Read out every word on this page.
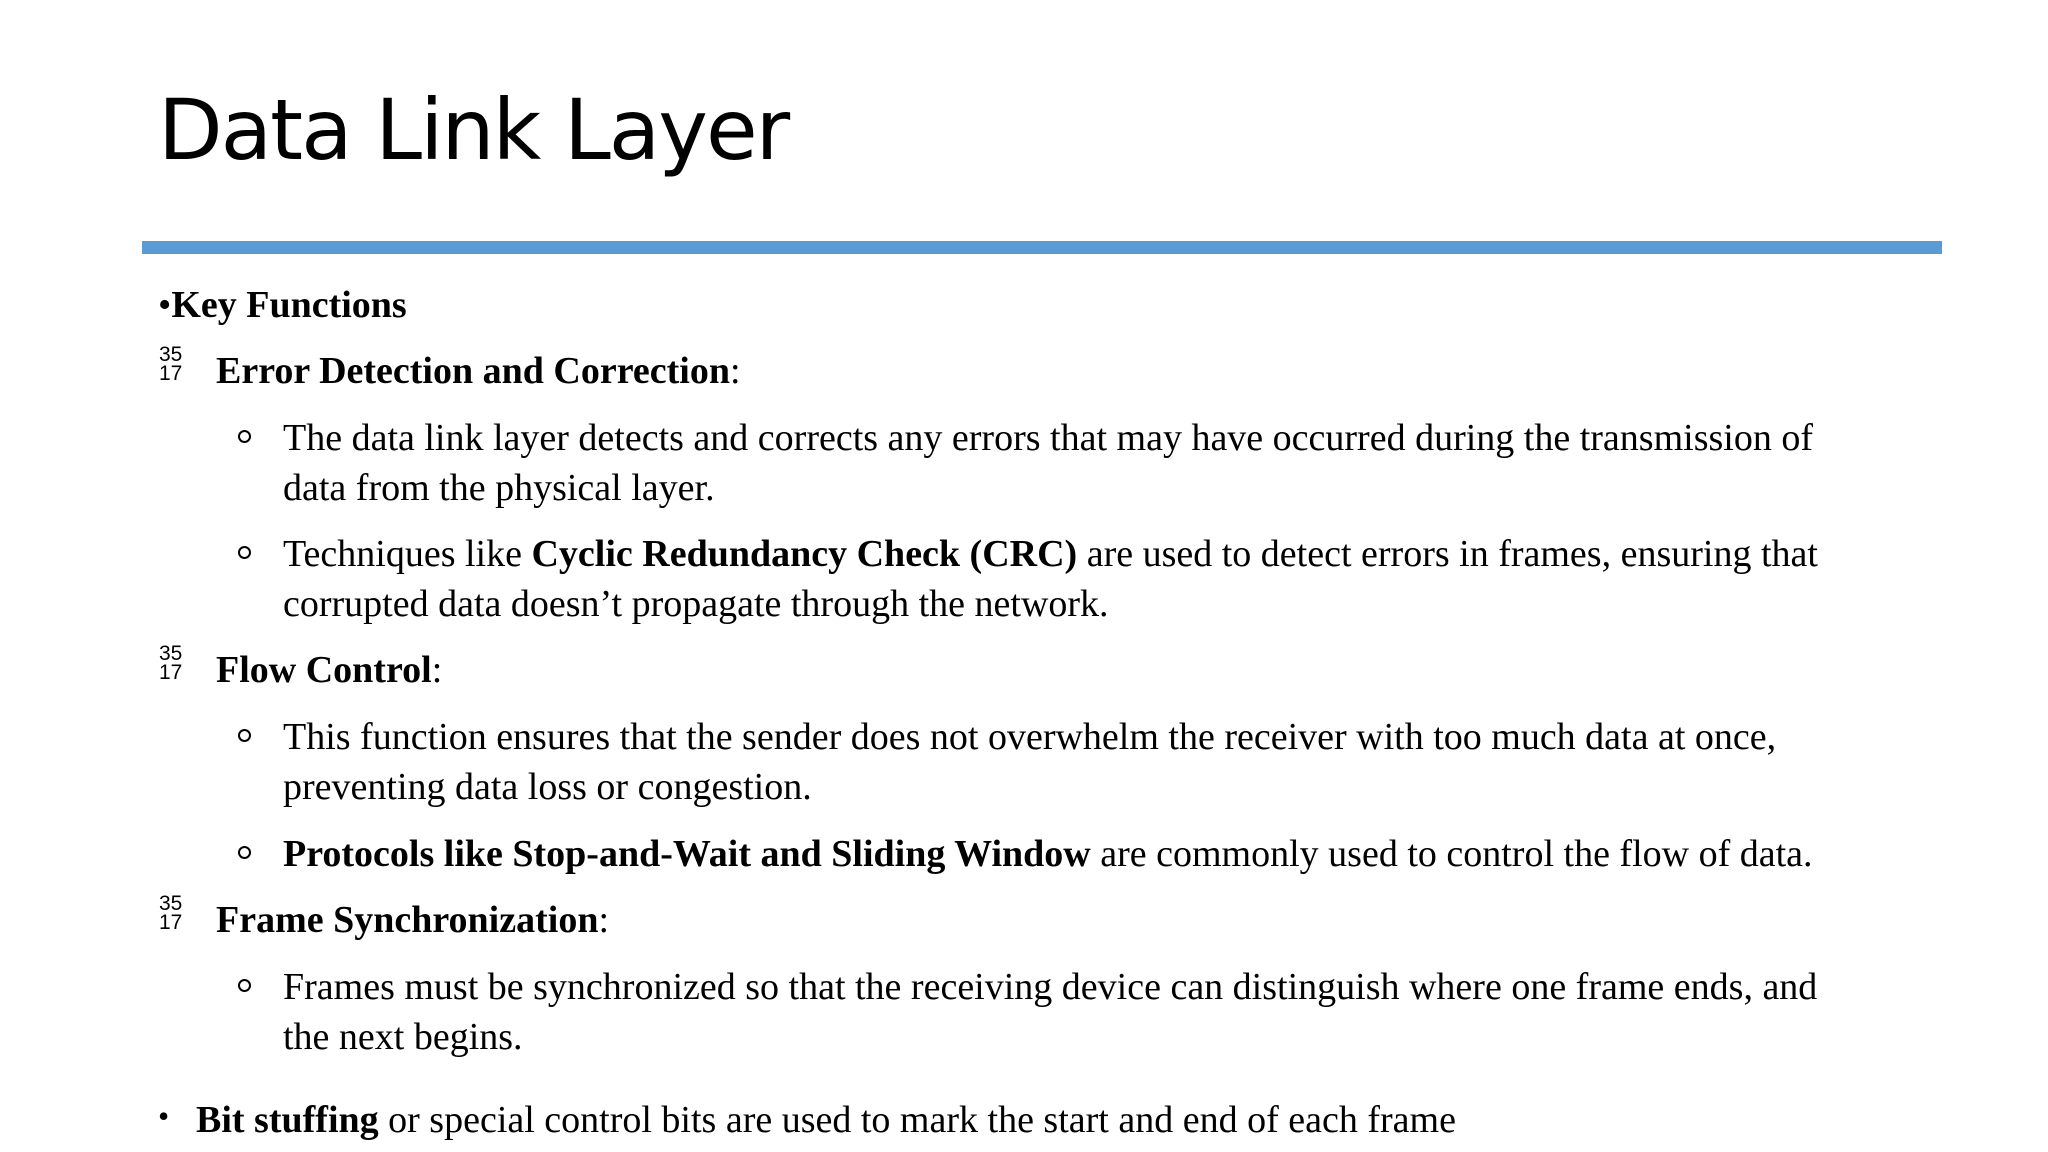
Data Link Layer
•Key Functions
35
17 Error Detection and Correction:
The data link layer detects and corrects any errors that may have occurred during the transmission of
data from the physical layer.
Techniques like Cyclic Redundancy Check (CRC) are used to detect errors in frames, ensuring that
corrupted data doesn’t propagate through the network.
35
17 Flow Control:
This function ensures that the sender does not overwhelm the receiver with too much data at once,
preventing data loss or congestion.
Protocols like Stop-and-Wait and Sliding Window are commonly used to control the flow of data.
35
17 Frame Synchronization:
Frames must be synchronized so that the receiving device can distinguish where one frame ends, and
the next begins.
• Bit stuffing or special control bits are used to mark the start and end of each frame
